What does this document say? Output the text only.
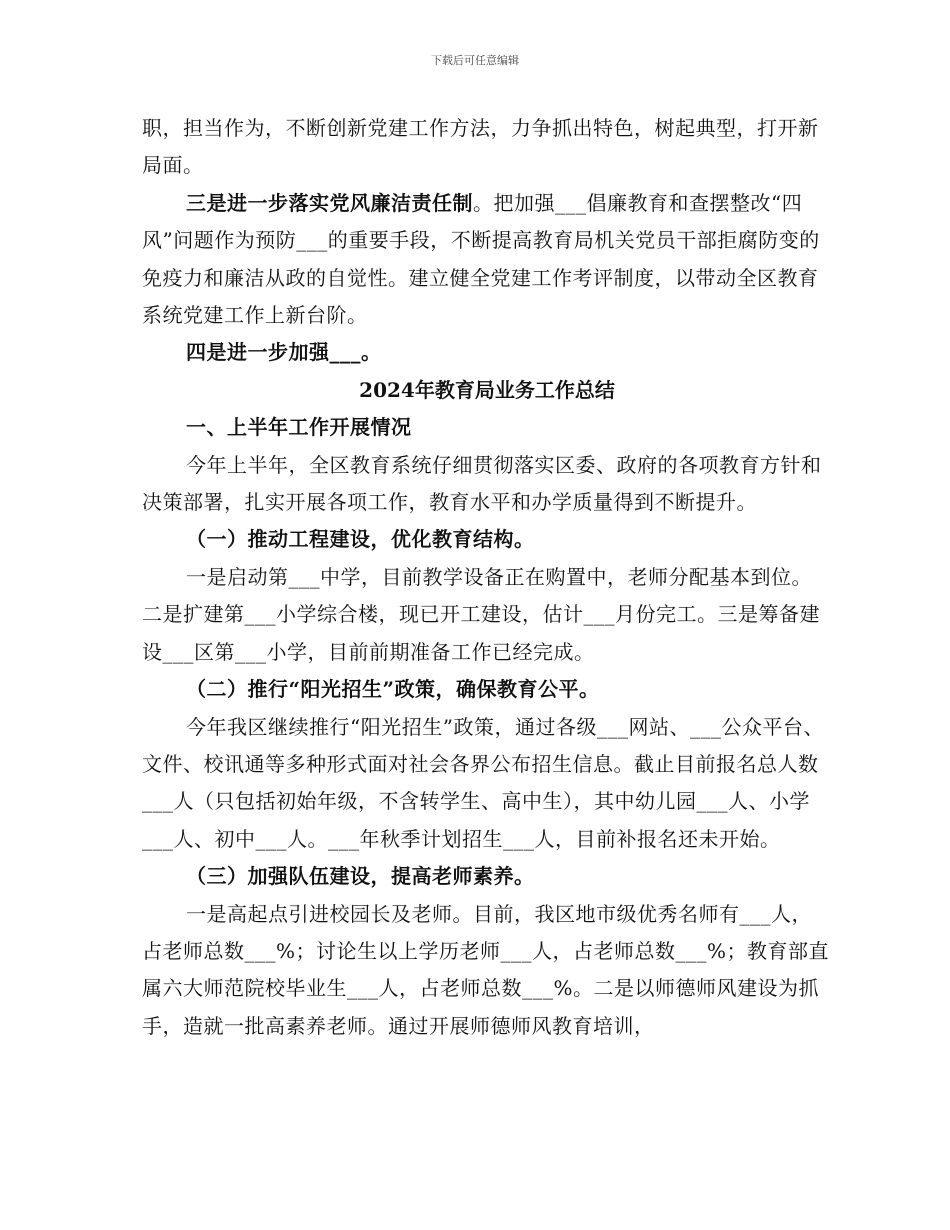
下载后可任意编辑

职，担当作为，不断创新党建工作方法，力争抓出特色，树起典型，打开新局面。

三是进一步落实党风廉洁责任制。把加强___倡廉教育和查摆整改“四风”问题作为预防___的重要手段，不断提高教育局机关党员干部拒腐防变的免疫力和廉洁从政的自觉性。建立健全党建工作考评制度，以带动全区教育系统党建工作上新台阶。

四是进一步加强___。

2024年教育局业务工作总结

一、上半年工作开展情况

今年上半年，全区教育系统仔细贯彻落实区委、政府的各项教育方针和决策部署，扎实开展各项工作，教育水平和办学质量得到不断提升。

（一）推动工程建设，优化教育结构。

一是启动第___中学，目前教学设备正在购置中，老师分配基本到位。二是扩建第___小学综合楼，现已开工建设，估计___月份完工。三是筹备建设___区第___小学，目前前期准备工作已经完成。

（二）推行“阳光招生”政策，确保教育公平。

今年我区继续推行“阳光招生”政策，通过各级___网站、___公众平台、文件、校讯通等多种形式面对社会各界公布招生信息。截止目前报名总人数___人（只包括初始年级，不含转学生、高中生），其中幼儿园___人、小学___人、初中___人。___年秋季计划招生___人，目前补报名还未开始。

（三）加强队伍建设，提高老师素养。

一是高起点引进校园长及老师。目前，我区地市级优秀名师有___人，占老师总数___%；讨论生以上学历老师___人，占老师总数___%；教育部直属六大师范院校毕业生___人，占老师总数___%。二是以师德师风建设为抓手，造就一批高素养老师。通过开展师德师风教育培训，
